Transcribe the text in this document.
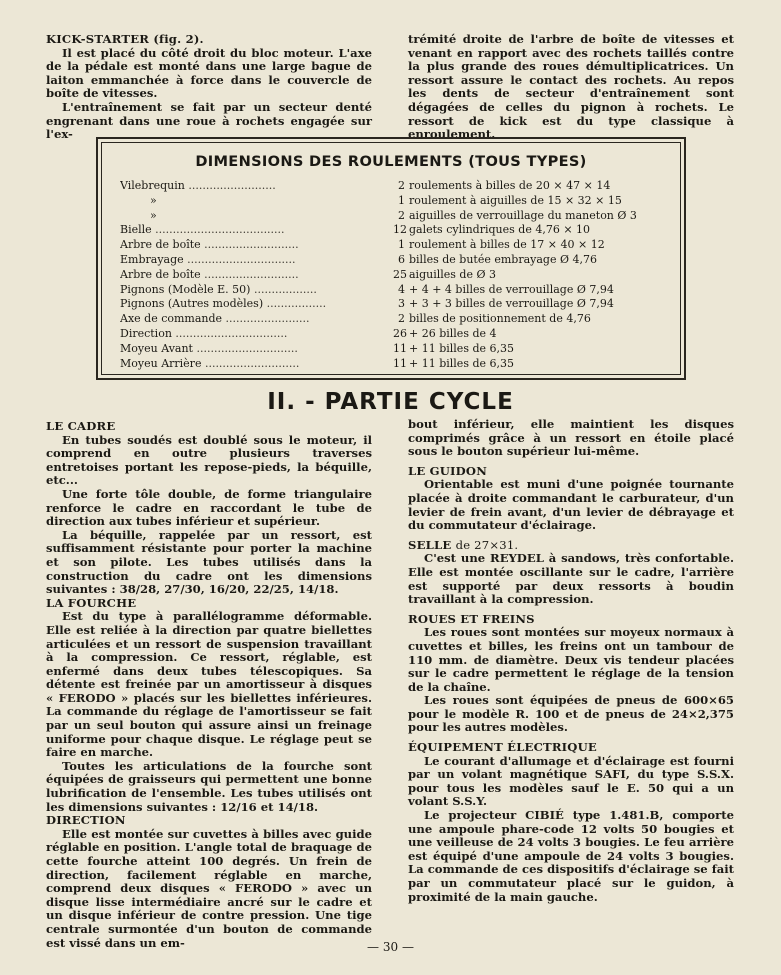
KICK-STARTER (fig. 2).

Il est placé du côté droit du bloc moteur. L'axe de la pédale est monté dans une large bague de laiton emmanchée à force dans le couvercle de boîte de vitesses.

L'entraînement se fait par un secteur denté engrenant dans une roue à rochets engagée sur l'ex-

trémité droite de l'arbre de boîte de vitesses et venant en rapport avec des rochets taillés contre la plus grande des roues démultiplicatrices. Un ressort assure le contact des rochets. Au repos les dents de secteur d'entraînement sont dégagées de celles du pignon à rochets. Le ressort de kick est du type classique à enroulement.

DIMENSIONS DES ROULEMENTS (TOUS TYPES)
Vilebrequin .........................	2 roulements à billes de 20 × 47 × 14
»	1 roulement à aiguilles de 15 × 32 × 15
»	2 aiguilles de verrouillage du maneton Ø 3
Bielle .....................................	12 galets cylindriques de 4,76 × 10
Arbre de boîte ...........................	1 roulement à billes de 17 × 40 × 12
Embrayage ...............................	6 billes de butée embrayage Ø 4,76
Arbre de boîte ...........................	25 aiguilles de Ø 3
Pignons (Modèle E. 50) ..................	4 + 4 + 4 billes de verrouillage Ø 7,94
Pignons (Autres modèles) .................	3 + 3 + 3 billes de verrouillage Ø 7,94
Axe de commande ........................	2 billes de positionnement de 4,76
Direction ................................	26 + 26 billes de 4
Moyeu Avant .............................	11 + 11 billes de 6,35
Moyeu Arrière ...........................	11 + 11 billes de 6,35
II. - PARTIE CYCLE
LE CADRE

En tubes soudés est doublé sous le moteur, il comprend en outre plusieurs traverses entretoises portant les repose-pieds, la béquille, etc...

Une forte tôle double, de forme triangulaire renforce le cadre en raccordant le tube de direction aux tubes inférieur et supérieur.

La béquille, rappelée par un ressort, est suffisamment résistante pour porter la machine et son pilote. Les tubes utilisés dans la construction du cadre ont les dimensions suivantes : 38/28, 27/30, 16/20, 22/25, 14/18.

LA FOURCHE

Est du type à parallélogramme déformable. Elle est reliée à la direction par quatre biellettes articulées et un ressort de suspension travaillant à la compression. Ce ressort, réglable, est enfermé dans deux tubes télescopiques. Sa détente est freinée par un amortisseur à disques « FERODO » placés sur les biellettes inférieures. La commande du réglage de l'amortisseur se fait par un seul bouton qui assure ainsi un freinage uniforme pour chaque disque. Le réglage peut se faire en marche.

Toutes les articulations de la fourche sont équipées de graisseurs qui permettent une bonne lubrification de l'ensemble. Les tubes utilisés ont les dimensions suivantes : 12/16 et 14/18.

DIRECTION

Elle est montée sur cuvettes à billes avec guide réglable en position. L'angle total de braquage de cette fourche atteint 100 degrés. Un frein de direction, facilement réglable en marche, comprend deux disques « FERODO » avec un disque lisse intermédiaire ancré sur le cadre et un disque inférieur de contre pression. Une tige centrale surmontée d'un bouton de commande est vissé dans un em-

bout inférieur, elle maintient les disques comprimés grâce à un ressort en étoile placé sous le bouton supérieur lui-même.

LE GUIDON

Orientable est muni d'une poignée tournante placée à droite commandant le carburateur, d'un levier de frein avant, d'un levier de débrayage et du commutateur d'éclairage.

SELLE de 27×31.

C'est une REYDEL à sandows, très confortable. Elle est montée oscillante sur le cadre, l'arrière est supporté par deux ressorts à boudin travaillant à la compression.

ROUES ET FREINS

Les roues sont montées sur moyeux normaux à cuvettes et billes, les freins ont un tambour de 110 mm. de diamètre. Deux vis tendeur placées sur le cadre permettent le réglage de la tension de la chaîne.

Les roues sont équipées de pneus de 600×65 pour le modèle R. 100 et de pneus de 24×2,375 pour les autres modèles.

ÉQUIPEMENT ÉLECTRIQUE

Le courant d'allumage et d'éclairage est fourni par un volant magnétique SAFI, du type S.S.X. pour tous les modèles sauf le E. 50 qui a un volant S.S.Y.

Le projecteur CIBIÉ type 1.481.B, comporte une ampoule phare-code 12 volts 50 bougies et une veilleuse de 24 volts 3 bougies. Le feu arrière est équipé d'une ampoule de 24 volts 3 bougies. La commande de ces dispositifs d'éclairage se fait par un commutateur placé sur le guidon, à proximité de la main gauche.

— 30 —
